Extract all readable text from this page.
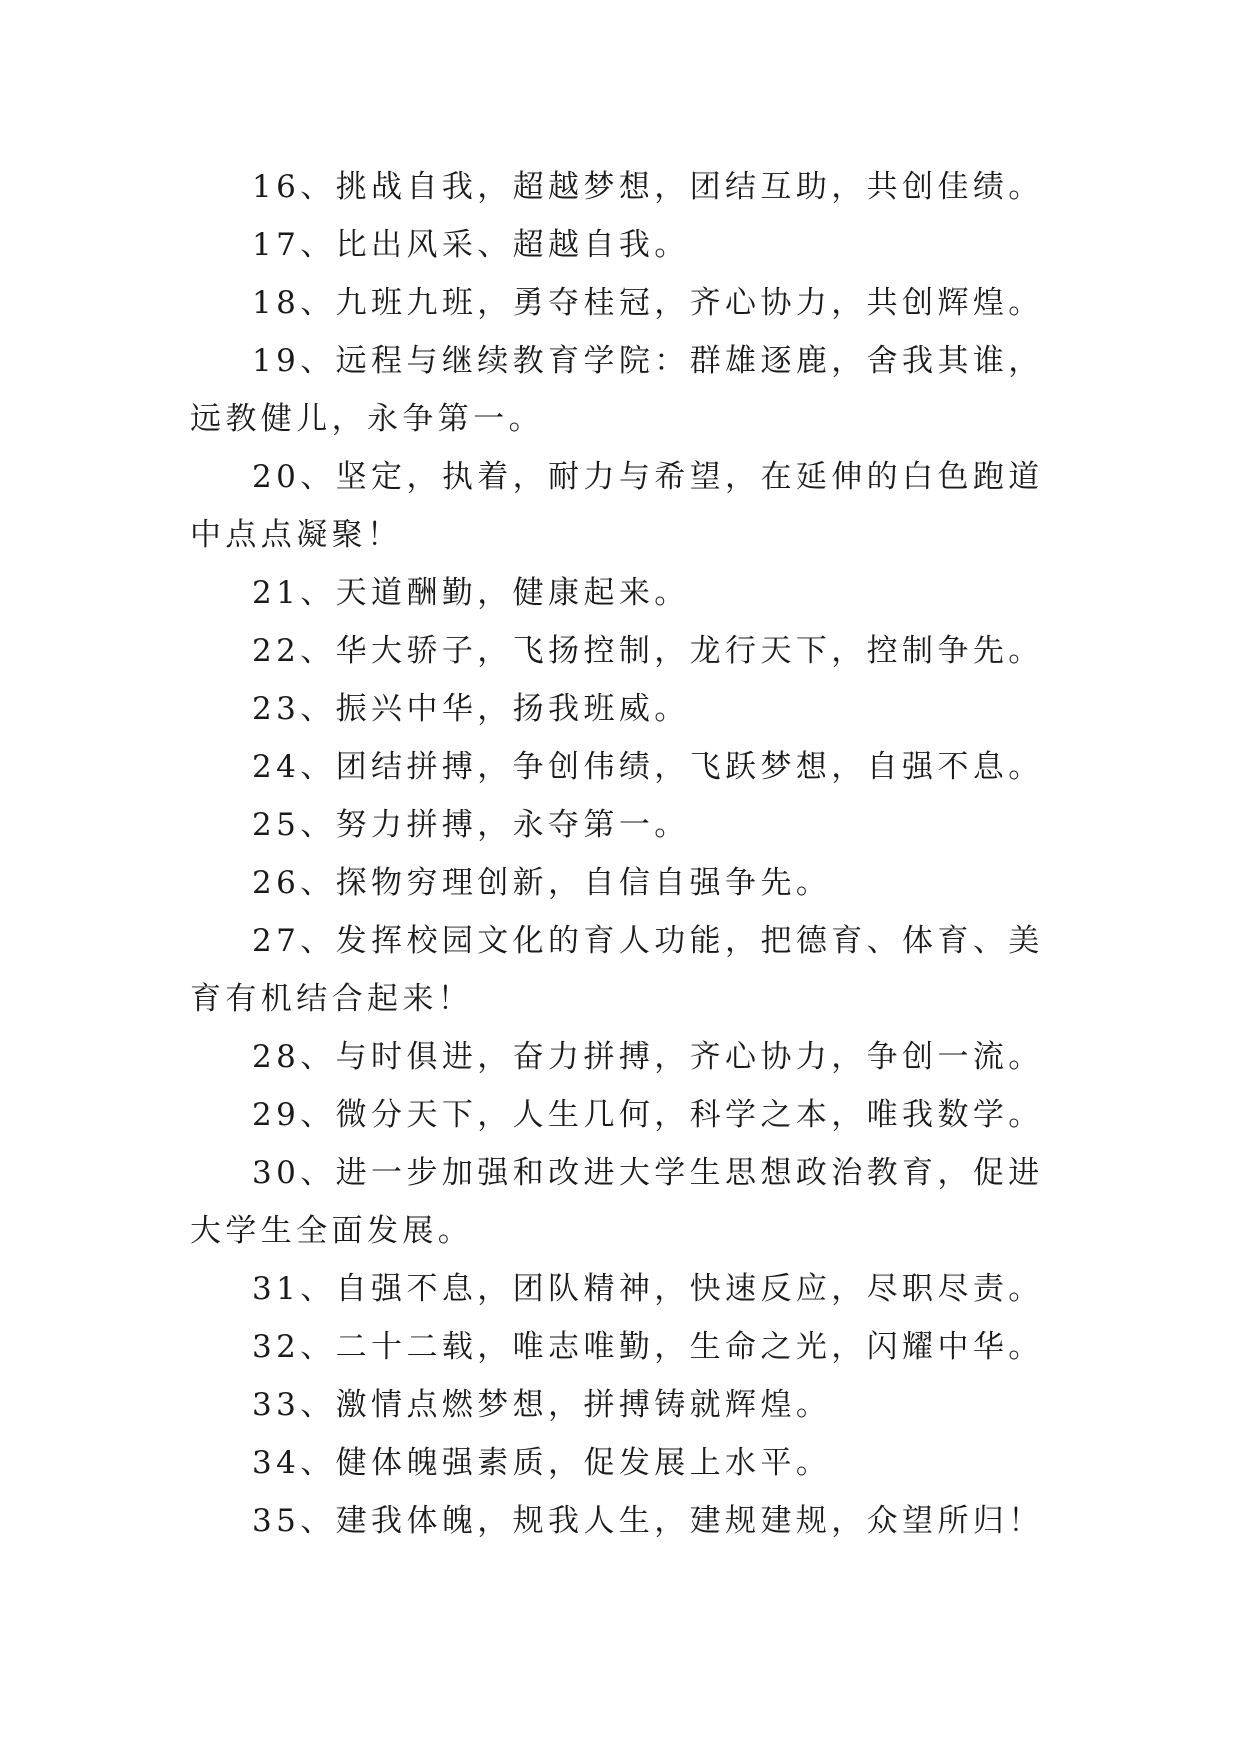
16、挑战自我，超越梦想，团结互助，共创佳绩。

17、比出风采、超越自我。

18、九班九班，勇夺桂冠，齐心协力，共创辉煌。

19、远程与继续教育学院：群雄逐鹿，舍我其谁，远教健儿，永争第一。

20、坚定，执着，耐力与希望，在延伸的白色跑道中点点凝聚！

21、天道酬勤，健康起来。

22、华大骄子，飞扬控制，龙行天下，控制争先。

23、振兴中华，扬我班威。

24、团结拼搏，争创伟绩，飞跃梦想，自强不息。

25、努力拼搏，永夺第一。

26、探物穷理创新，自信自强争先。

27、发挥校园文化的育人功能，把德育、体育、美育有机结合起来！

28、与时俱进，奋力拼搏，齐心协力，争创一流。

29、微分天下，人生几何，科学之本，唯我数学。

30、进一步加强和改进大学生思想政治教育，促进大学生全面发展。

31、自强不息，团队精神，快速反应，尽职尽责。

32、二十二载，唯志唯勤，生命之光，闪耀中华。

33、激情点燃梦想，拼搏铸就辉煌。

34、健体魄强素质，促发展上水平。

35、建我体魄，规我人生，建规建规，众望所归！
